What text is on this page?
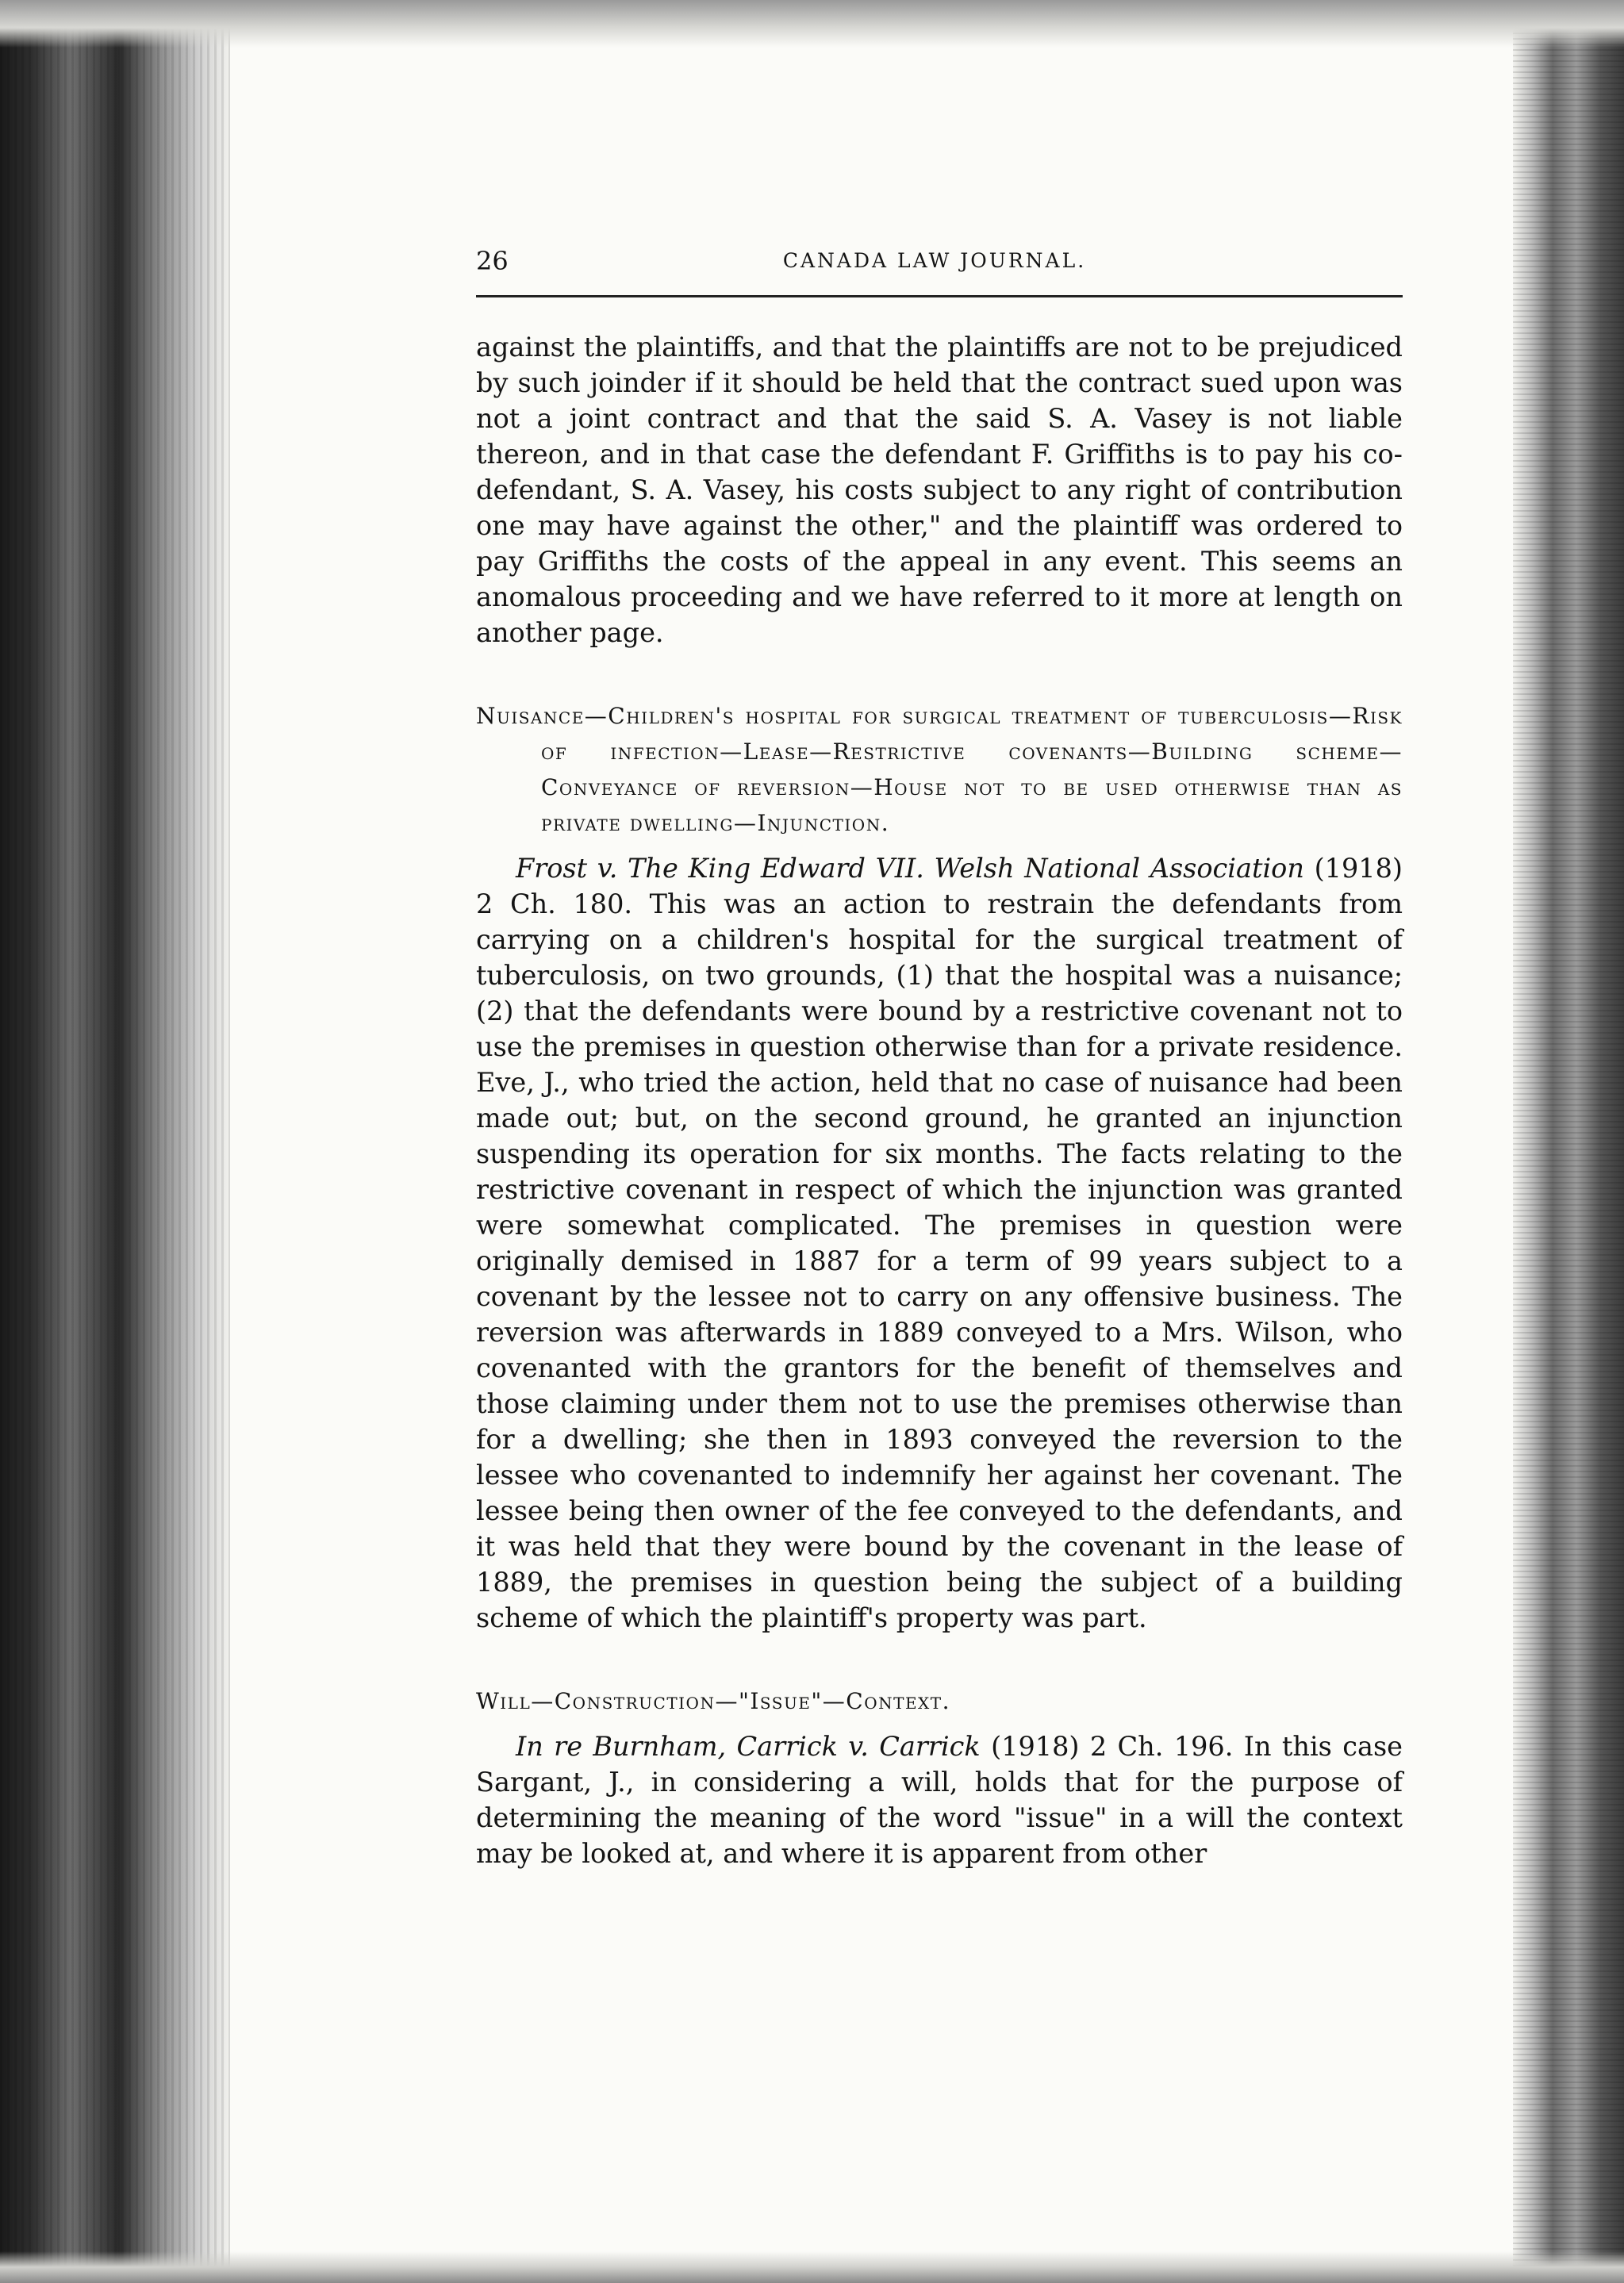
26	CANADA LAW JOURNAL.

against the plaintiffs, and that the plaintiffs are not to be prejudiced by such joinder if it should be held that the contract sued upon was not a joint contract and that the said S. A. Vasey is not liable thereon, and in that case the defendant F. Griffiths is to pay his co-defendant, S. A. Vasey, his costs subject to any right of contribution one may have against the other," and the plaintiff was ordered to pay Griffiths the costs of the appeal in any event. This seems an anomalous proceeding and we have referred to it more at length on another page.

Nuisance—Children's hospital for surgical treatment of tuberculosis—Risk of infection—Lease—Restrictive covenants—Building scheme—Conveyance of reversion—House not to be used otherwise than as private dwelling—Injunction.

Frost v. The King Edward VII. Welsh National Association (1918) 2 Ch. 180. This was an action to restrain the defendants from carrying on a children's hospital for the surgical treatment of tuberculosis, on two grounds, (1) that the hospital was a nuisance; (2) that the defendants were bound by a restrictive covenant not to use the premises in question otherwise than for a private residence. Eve, J., who tried the action, held that no case of nuisance had been made out; but, on the second ground, he granted an injunction suspending its operation for six months. The facts relating to the restrictive covenant in respect of which the injunction was granted were somewhat complicated. The premises in question were originally demised in 1887 for a term of 99 years subject to a covenant by the lessee not to carry on any offensive business. The reversion was afterwards in 1889 conveyed to a Mrs. Wilson, who covenanted with the grantors for the benefit of themselves and those claiming under them not to use the premises otherwise than for a dwelling; she then in 1893 conveyed the reversion to the lessee who covenanted to indemnify her against her covenant. The lessee being then owner of the fee conveyed to the defendants, and it was held that they were bound by the covenant in the lease of 1889, the premises in question being the subject of a building scheme of which the plaintiff's property was part.

Will—Construction—"Issue"—Context.

In re Burnham, Carrick v. Carrick (1918) 2 Ch. 196. In this case Sargant, J., in considering a will, holds that for the purpose of determining the meaning of the word "issue" in a will the context may be looked at, and where it is apparent from other
